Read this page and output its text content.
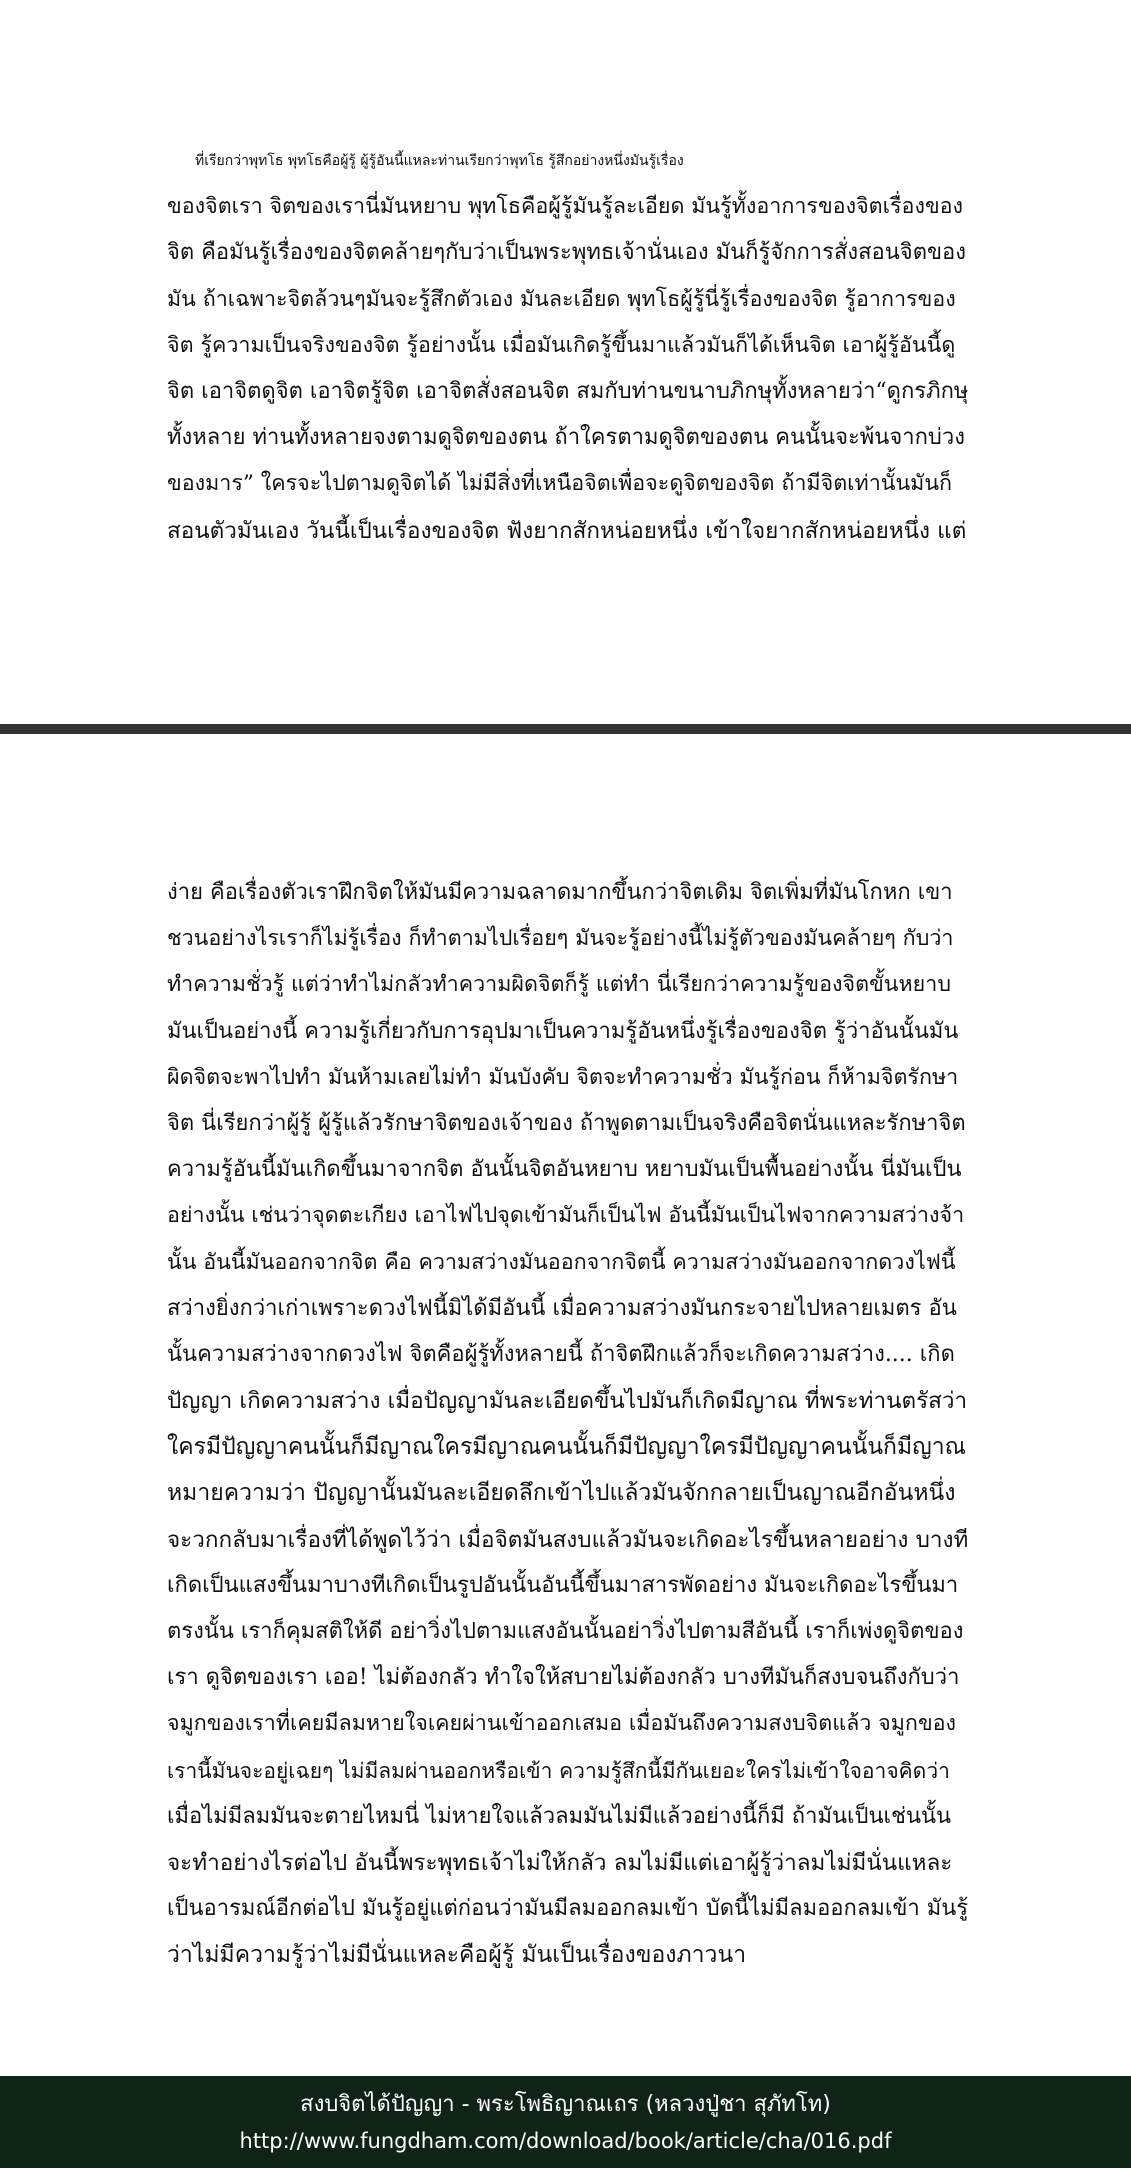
ที่เรียกว่าพุทโธ พุทโธคือผู้รู้ ผู้รู้อันนี้แหละท่านเรียกว่าพุทโธ รู้สึกอย่างหนึ่งมันรู้เรื่อง
ของจิตเรา จิตของเรานี่มันหยาบ พุทโธคือผู้รู้มันรู้ละเอียด มันรู้ทั้งอาการของจิตเรื่องของ
จิต คือมันรู้เรื่องของจิตคล้ายๆกับว่าเป็นพระพุทธเจ้านั่นเอง มันก็รู้จักการสั่งสอนจิตของ
มัน ถ้าเฉพาะจิตล้วนๆมันจะรู้สึกตัวเอง มันละเอียด พุทโธผู้รู้นี่รู้เรื่องของจิต รู้อาการของ
จิต รู้ความเป็นจริงของจิต รู้อย่างนั้น เมื่อมันเกิดรู้ขึ้นมาแล้วมันก็ได้เห็นจิต เอาผู้รู้อันนี้ดู
จิต เอาจิตดูจิต เอาจิตรู้จิต เอาจิตสั่งสอนจิต สมกับท่านขนาบภิกษุทั้งหลายว่า“ดูกรภิกษุ
ทั้งหลาย ท่านทั้งหลายจงตามดูจิตของตน ถ้าใครตามดูจิตของตน คนนั้นจะพ้นจากบ่วง
ของมาร” ใครจะไปตามดูจิตได้ ไม่มีสิ่งที่เหนือจิตเพื่อจะดูจิตของจิต ถ้ามีจิตเท่านั้นมันก็
สอนตัวมันเอง วันนี้เป็นเรื่องของจิต ฟังยากสักหน่อยหนึ่ง เข้าใจยากสักหน่อยหนึ่ง แต่
ง่าย คือเรื่องตัวเราฝึกจิตให้มันมีความฉลาดมากขึ้นกว่าจิตเดิม จิตเพิ่มที่มันโกหก เขา
ชวนอย่างไรเราก็ไม่รู้เรื่อง ก็ทำตามไปเรื่อยๆ มันจะรู้อย่างนี้ไม่รู้ตัวของมันคล้ายๆ กับว่า
ทำความชั่วรู้ แต่ว่าทำไม่กลัวทำความผิดจิตก็รู้ แต่ทำ นี่เรียกว่าความรู้ของจิตขั้นหยาบ
มันเป็นอย่างนี้ ความรู้เกี่ยวกับการอุปมาเป็นความรู้อันหนึ่งรู้เรื่องของจิต รู้ว่าอันนั้นมัน
ผิดจิตจะพาไปทำ มันห้ามเลยไม่ทำ มันบังคับ จิตจะทำความชั่ว มันรู้ก่อน ก็ห้ามจิตรักษา
จิต นี่เรียกว่าผู้รู้ ผู้รู้แล้วรักษาจิตของเจ้าของ ถ้าพูดตามเป็นจริงคือจิตนั่นแหละรักษาจิต
ความรู้อันนี้มันเกิดขึ้นมาจากจิต อันนั้นจิตอันหยาบ หยาบมันเป็นพื้นอย่างนั้น นี่มันเป็น
อย่างนั้น เช่นว่าจุดตะเกียง เอาไฟไปจุดเข้ามันก็เป็นไฟ อันนี้มันเป็นไฟจากความสว่างจ้า
นั้น อันนี้มันออกจากจิต คือ ความสว่างมันออกจากจิตนี้ ความสว่างมันออกจากดวงไฟนี้
สว่างยิ่งกว่าเก่าเพราะดวงไฟนี้มิได้มีอันนี้ เมื่อความสว่างมันกระจายไปหลายเมตร อัน
นั้นความสว่างจากดวงไฟ จิตคือผู้รู้ทั้งหลายนี้ ถ้าจิตฝึกแล้วก็จะเกิดความสว่าง.... เกิด
ปัญญา เกิดความสว่าง เมื่อปัญญามันละเอียดขึ้นไปมันก็เกิดมีญาณ ที่พระท่านตรัสว่า
ใครมีปัญญาคนนั้นก็มีญาณใครมีญาณคนนั้นก็มีปัญญาใครมีปัญญาคนนั้นก็มีญาณ
หมายความว่า ปัญญานั้นมันละเอียดลึกเข้าไปแล้วมันจักกลายเป็นญาณอีกอันหนึ่ง
จะวกกลับมาเรื่องที่ได้พูดไว้ว่า เมื่อจิตมันสงบแล้วมันจะเกิดอะไรขึ้นหลายอย่าง บางที
เกิดเป็นแสงขึ้นมาบางทีเกิดเป็นรูปอันนั้นอันนี้ขึ้นมาสารพัดอย่าง มันจะเกิดอะไรขึ้นมา
ตรงนั้น เราก็คุมสติให้ดี อย่าวิ่งไปตามแสงอันนั้นอย่าวิ่งไปตามสีอันนี้ เราก็เพ่งดูจิตของ
เรา ดูจิตของเรา เออ! ไม่ต้องกลัว ทำใจให้สบายไม่ต้องกลัว บางทีมันก็สงบจนถึงกับว่า
จมูกของเราที่เคยมีลมหายใจเคยผ่านเข้าออกเสมอ เมื่อมันถึงความสงบจิตแล้ว จมูกของ
เรานี้มันจะอยู่เฉยๆ ไม่มีลมผ่านออกหรือเข้า ความรู้สึกนี้มีกันเยอะใครไม่เข้าใจอาจคิดว่า
เมื่อไม่มีลมมันจะตายไหมนี่ ไม่หายใจแล้วลมมันไม่มีแล้วอย่างนี้ก็มี ถ้ามันเป็นเช่นนั้น
จะทำอย่างไรต่อไป อันนี้พระพุทธเจ้าไม่ให้กลัว ลมไม่มีแต่เอาผู้รู้ว่าลมไม่มีนั่นแหละ
เป็นอารมณ์อีกต่อไป มันรู้อยู่แต่ก่อนว่ามันมีลมออกลมเข้า บัดนี้ไม่มีลมออกลมเข้า มันรู้
ว่าไม่มีความรู้ว่าไม่มีนั่นแหละคือผู้รู้ มันเป็นเรื่องของภาวนา
สงบจิตได้ปัญญา - พระโพธิญาณเถร (หลวงปู่ชา สุภัทโท)
http://www.fungdham.com/download/book/article/cha/016.pdf
